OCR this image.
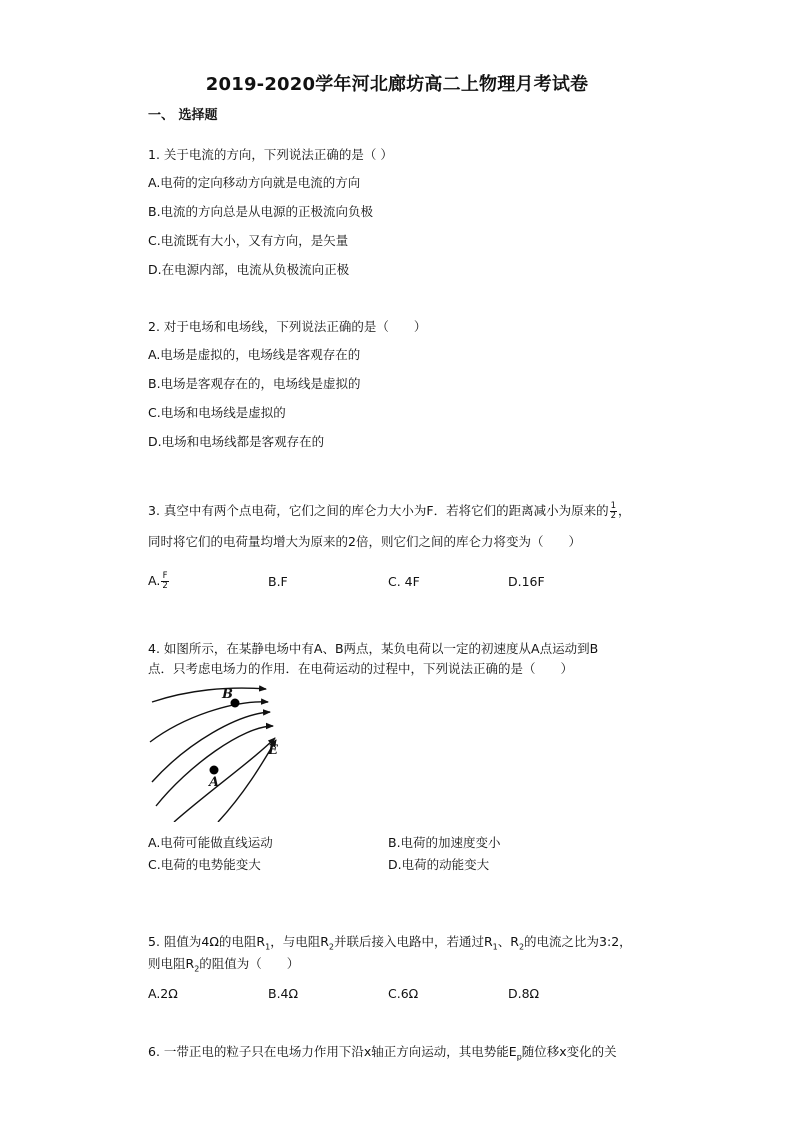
2019-2020学年河北廊坊高二上物理月考试卷
一、 选择题
1. 关于电流的方向，下列说法正确的是（ ）
A.电荷的定向移动方向就是电流的方向
B.电流的方向总是从电源的正极流向负极
C.电流既有大小，又有方向，是矢量
D.在电源内部，电流从负极流向正极
2. 对于电场和电场线，下列说法正确的是（　　）
A.电场是虚拟的，电场线是客观存在的
B.电场是客观存在的，电场线是虚拟的
C.电场和电场线是虚拟的
D.电场和电场线都是客观存在的
3. 真空中有两个点电荷，它们之间的库仑力大小为F．若将它们的距离减小为原来的 $\frac{1}{2}$ ，
同时将它们的电荷量均增大为原来的2倍，则它们之间的库仑力将变为（　　）
A. $\frac{F}{2}$	B.F	C. 4F	D.16F
4. 如图所示，在某静电场中有A、B两点，某负电荷以一定的初速度从A点运动到B
点．只考虑电场力的作用．在电荷运动的过程中，下列说法正确的是（　　）
B
A
E
A.电荷可能做直线运动	B.电荷的加速度变小
C.电荷的电势能变大	D.电荷的动能变大
5. 阻值为4Ω的电阻$R_1$，与电阻$R_2$并联后接入电路中，若通过$R_1$、$R_2$的电流之比为3:2，
则电阻$R_2$的阻值为（　　）
A.2Ω	B.4Ω	C.6Ω	D.8Ω
6. 一带正电的粒子只在电场力作用下沿x轴正方向运动，其电势能$E_p$随位移x变化的关
